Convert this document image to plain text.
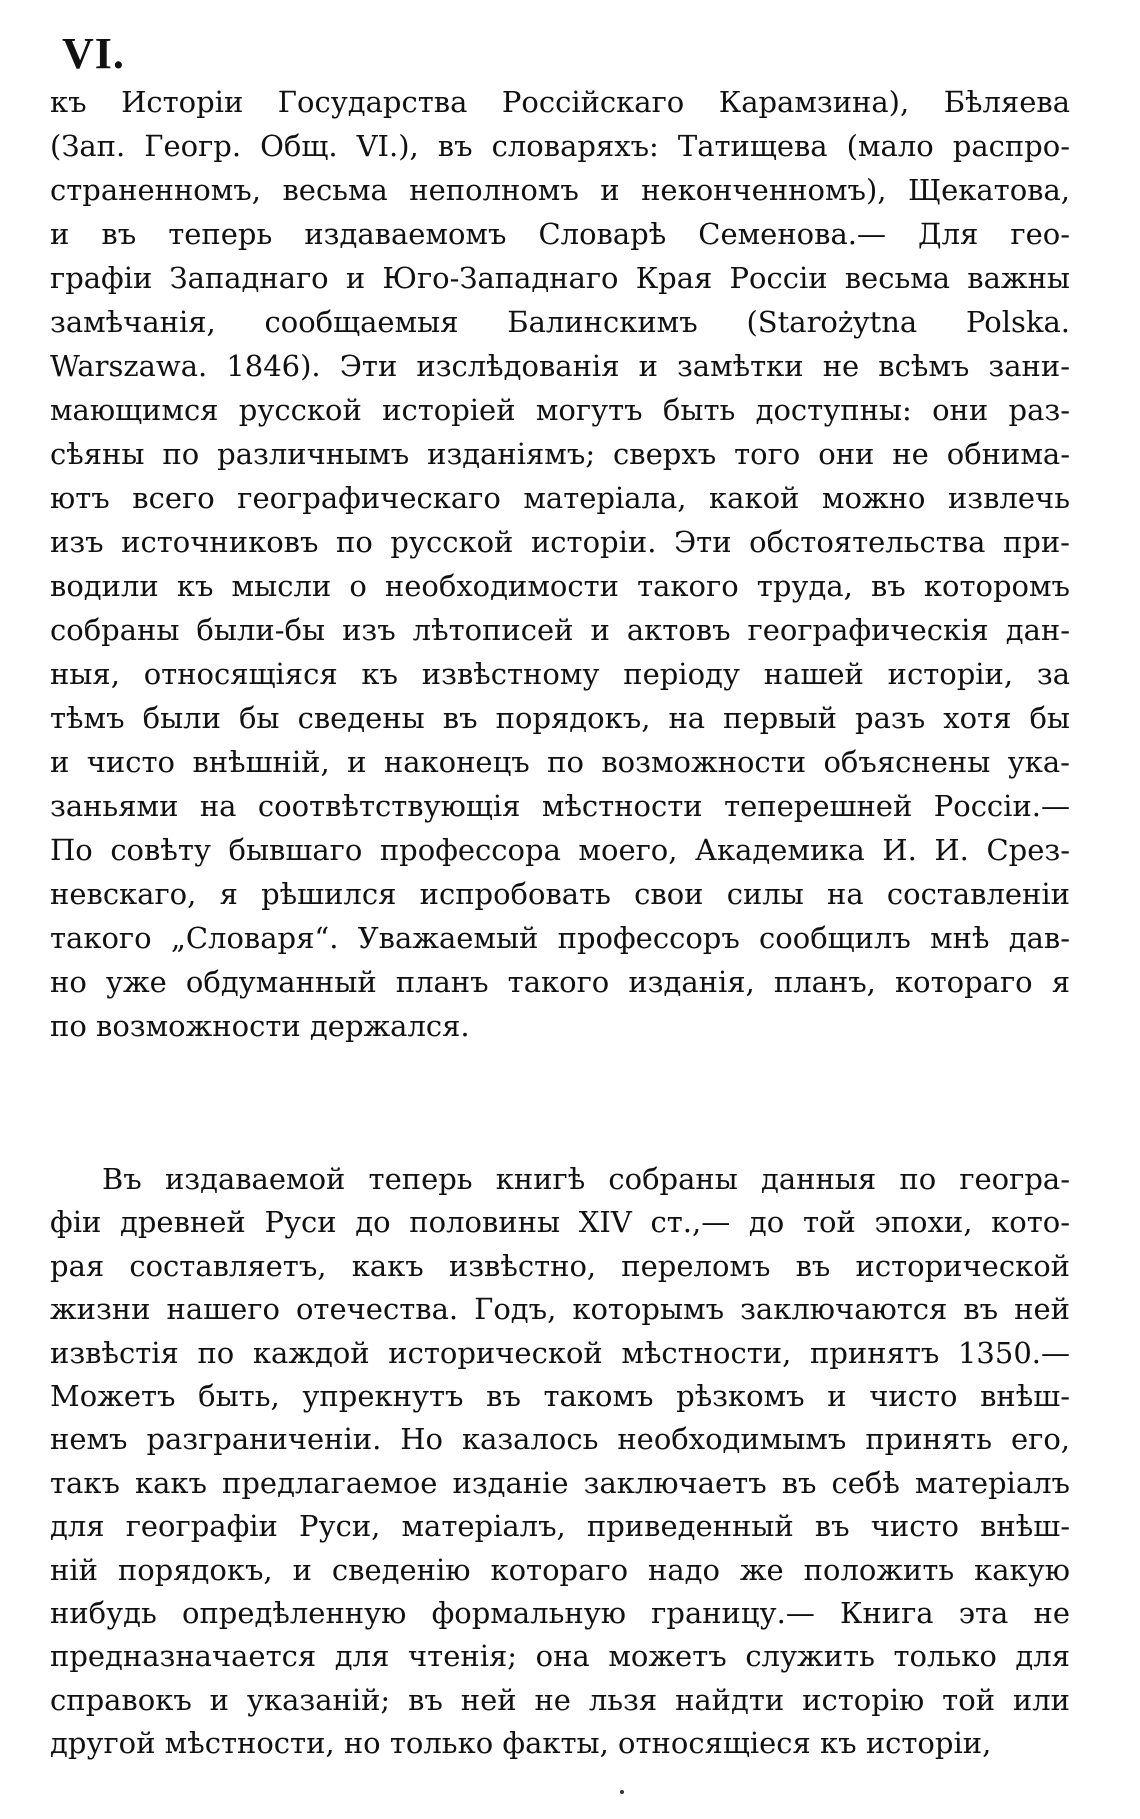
VI.
къ Исторіи Государства Россійскаго Карамзина), Бѣляева
(Зап. Геогр. Общ. VI.), въ словаряхъ: Татищева (мало распро-
страненномъ, весьма неполномъ и неконченномъ), Щекатова,
и въ теперь издаваемомъ Словарѣ Семенова.— Для гео-
графіи Западнаго и Юго-Западнаго Края Россіи весьма важны
замѣчанія, сообщаемыя Балинскимъ (Starożytna Polska.
Warszawa. 1846). Эти изслѣдованія и замѣтки не всѣмъ зани-
мающимся русской исторіей могутъ быть доступны: они раз-
сѣяны по различнымъ изданіямъ; сверхъ того они не обнима-
ютъ всего географическаго матеріала, какой можно извлечь
изъ источниковъ по русской исторіи. Эти обстоятельства при-
водили къ мысли о необходимости такого труда, въ которомъ
собраны были-бы изъ лѣтописей и актовъ географическія дан-
ныя, относящіяся къ извѣстному періоду нашей исторіи, за
тѣмъ были бы сведены въ порядокъ, на первый разъ хотя бы
и чисто внѣшній, и наконецъ по возможности объяснены ука-
заньями на соотвѣтствующія мѣстности теперешней Россіи.—
По совѣту бывшаго профессора моего, Академика И. И. Срез-
невскаго, я рѣшился испробовать свои силы на составленіи
такого „Словаря“. Уважаемый профессоръ сообщилъ мнѣ дав-
но уже обдуманный планъ такого изданія, планъ, котораго я
по возможности держался.
Въ издаваемой теперь книгѣ собраны данныя по геогра-
фіи древней Руси до половины XIV ст.,— до той эпохи, кото-
рая составляетъ, какъ извѣстно, переломъ въ исторической
жизни нашего отечества. Годъ, которымъ заключаются въ ней
извѣстія по каждой исторической мѣстности, принятъ 1350.—
Можетъ быть, упрекнутъ въ такомъ рѣзкомъ и чисто внѣш-
немъ разграниченіи. Но казалось необходимымъ принять его,
такъ какъ предлагаемое изданіе заключаетъ въ себѣ матеріалъ
для географіи Руси, матеріалъ, приведенный въ чисто внѣш-
ній порядокъ, и сведенію котораго надо же положить какую
нибудь опредѣленную формальную границу.— Книга эта не
предназначается для чтенія; она можетъ служить только для
справокъ и указаній; въ ней не льзя найдти исторію той или
другой мѣстности, но только факты, относящіеся къ исторіи,
